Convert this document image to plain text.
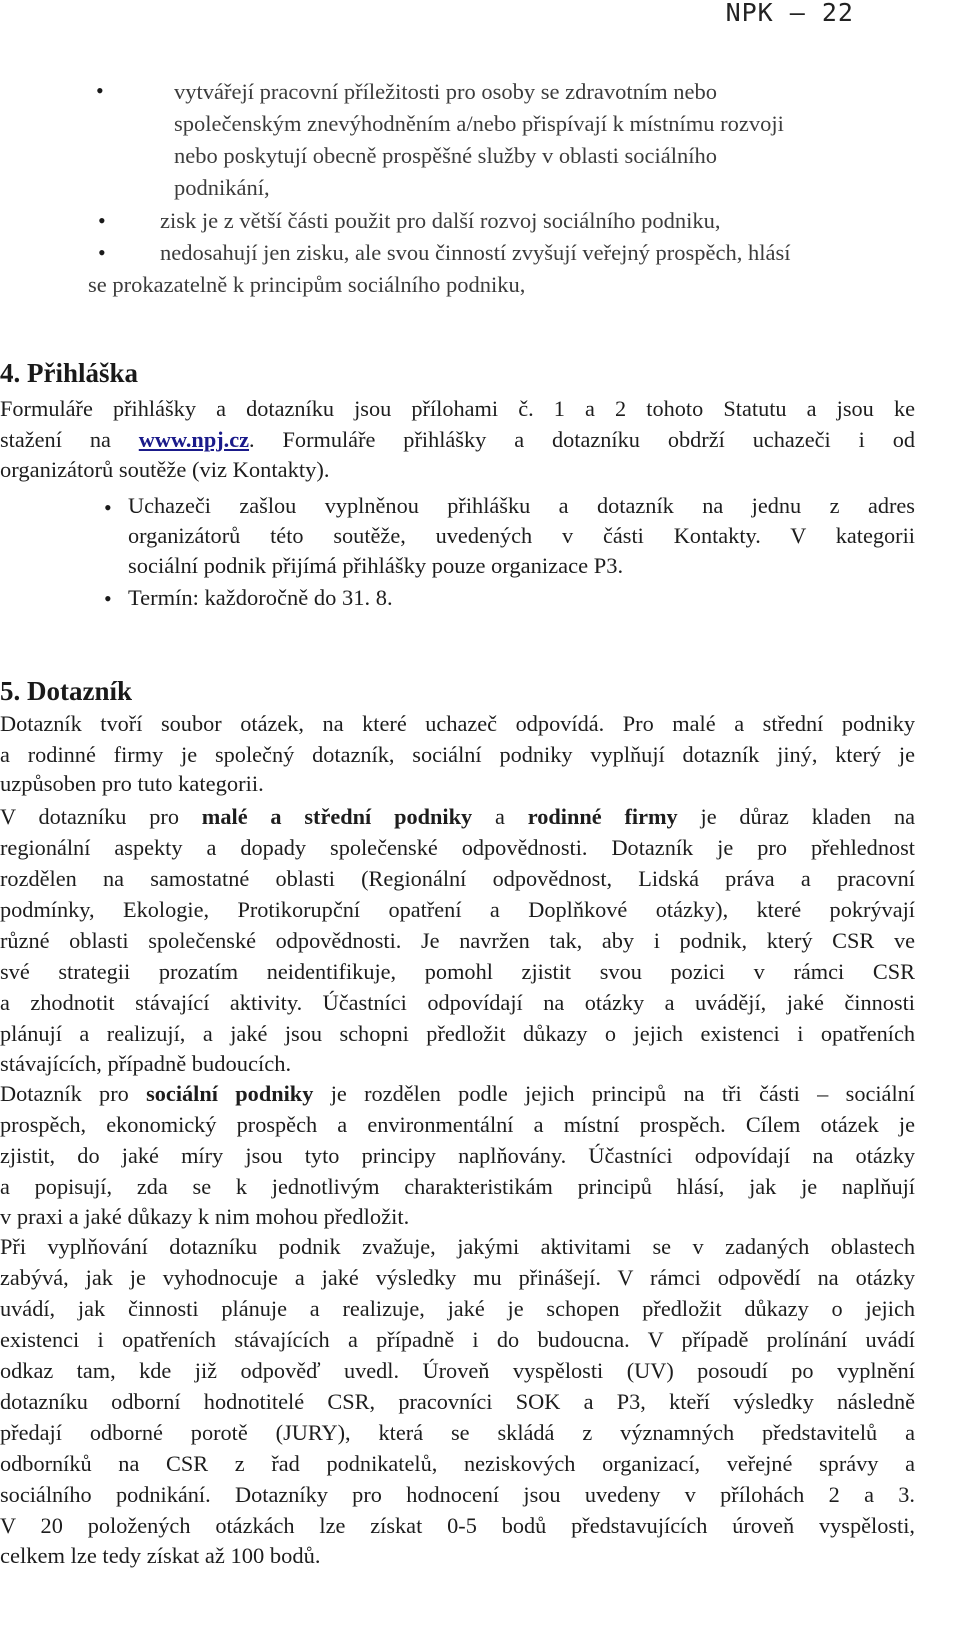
NPK – 22
•	vytvářejí pracovní příležitosti pro osoby se zdravotním nebo
společenským znevýhodněním a/nebo přispívají k místnímu rozvoji
nebo poskytují obecně prospěšné služby v oblasti sociálního
podnikání,
• zisk je z větší části použit pro další rozvoj sociálního podniku,
• nedosahují jen zisku, ale svou činností zvyšují veřejný prospěch, hlásí
se prokazatelně k principům sociálního podniku,
4. Přihláška
Formuláře přihlášky a dotazníku jsou přílohami č. 1 a 2 tohoto Statutu a jsou ke
stažení na www.npj.cz. Formuláře přihlášky a dotazníku obdrží uchazeči i od
organizátorů soutěže (viz Kontakty).
• Uchazeči zašlou vyplněnou přihlášku a dotazník na jednu z adres
organizátorů této soutěže, uvedených v části Kontakty. V kategorii
sociální podnik přijímá přihlášky pouze organizace P3.
• Termín: každoročně do 31. 8.
5. Dotazník
Dotazník tvoří soubor otázek, na které uchazeč odpovídá. Pro malé a střední podniky
a rodinné firmy je společný dotazník, sociální podniky vyplňují dotazník jiný, který je
uzpůsoben pro tuto kategorii.
V dotazníku pro malé a střední podniky a rodinné firmy je důraz kladen na
regionální aspekty a dopady společenské odpovědnosti. Dotazník je pro přehlednost
rozdělen na samostatné oblasti (Regionální odpovědnost, Lidská práva a pracovní
podmínky, Ekologie, Protikorupční opatření a Doplňkové otázky), které pokrývají
různé oblasti společenské odpovědnosti. Je navržen tak, aby i podnik, který CSR ve
své strategii prozatím neidentifikuje, pomohl zjistit svou pozici v rámci CSR
a zhodnotit stávající aktivity. Účastníci odpovídají na otázky a uvádějí, jaké činnosti
plánují a realizují, a jaké jsou schopni předložit důkazy o jejich existenci i opatřeních
stávajících, případně budoucích.
Dotazník pro sociální podniky je rozdělen podle jejich principů na tři části – sociální
prospěch, ekonomický prospěch a environmentální a místní prospěch. Cílem otázek je
zjistit, do jaké míry jsou tyto principy naplňovány. Účastníci odpovídají na otázky
a popisují, zda se k jednotlivým charakteristikám principů hlásí, jak je naplňují
v praxi a jaké důkazy k nim mohou předložit.
Při vyplňování dotazníku podnik zvažuje, jakými aktivitami se v zadaných oblastech
zabývá, jak je vyhodnocuje a jaké výsledky mu přinášejí. V rámci odpovědí na otázky
uvádí, jak činnosti plánuje a realizuje, jaké je schopen předložit důkazy o jejich
existenci i opatřeních stávajících a případně i do budoucna. V případě prolínání uvádí
odkaz tam, kde již odpověď uvedl. Úroveň vyspělosti (UV) posoudí po vyplnění
dotazníku odborní hodnotitelé CSR, pracovníci SOK a P3, kteří výsledky následně
předají odborné porotě (JURY), která se skládá z významných představitelů a
odborníků na CSR z řad podnikatelů, neziskových organizací, veřejné správy a
sociálního podnikání. Dotazníky pro hodnocení jsou uvedeny v přílohách 2 a 3.
V 20 položených otázkách lze získat 0-5 bodů představujících úroveň vyspělosti,
celkem lze tedy získat až 100 bodů.
